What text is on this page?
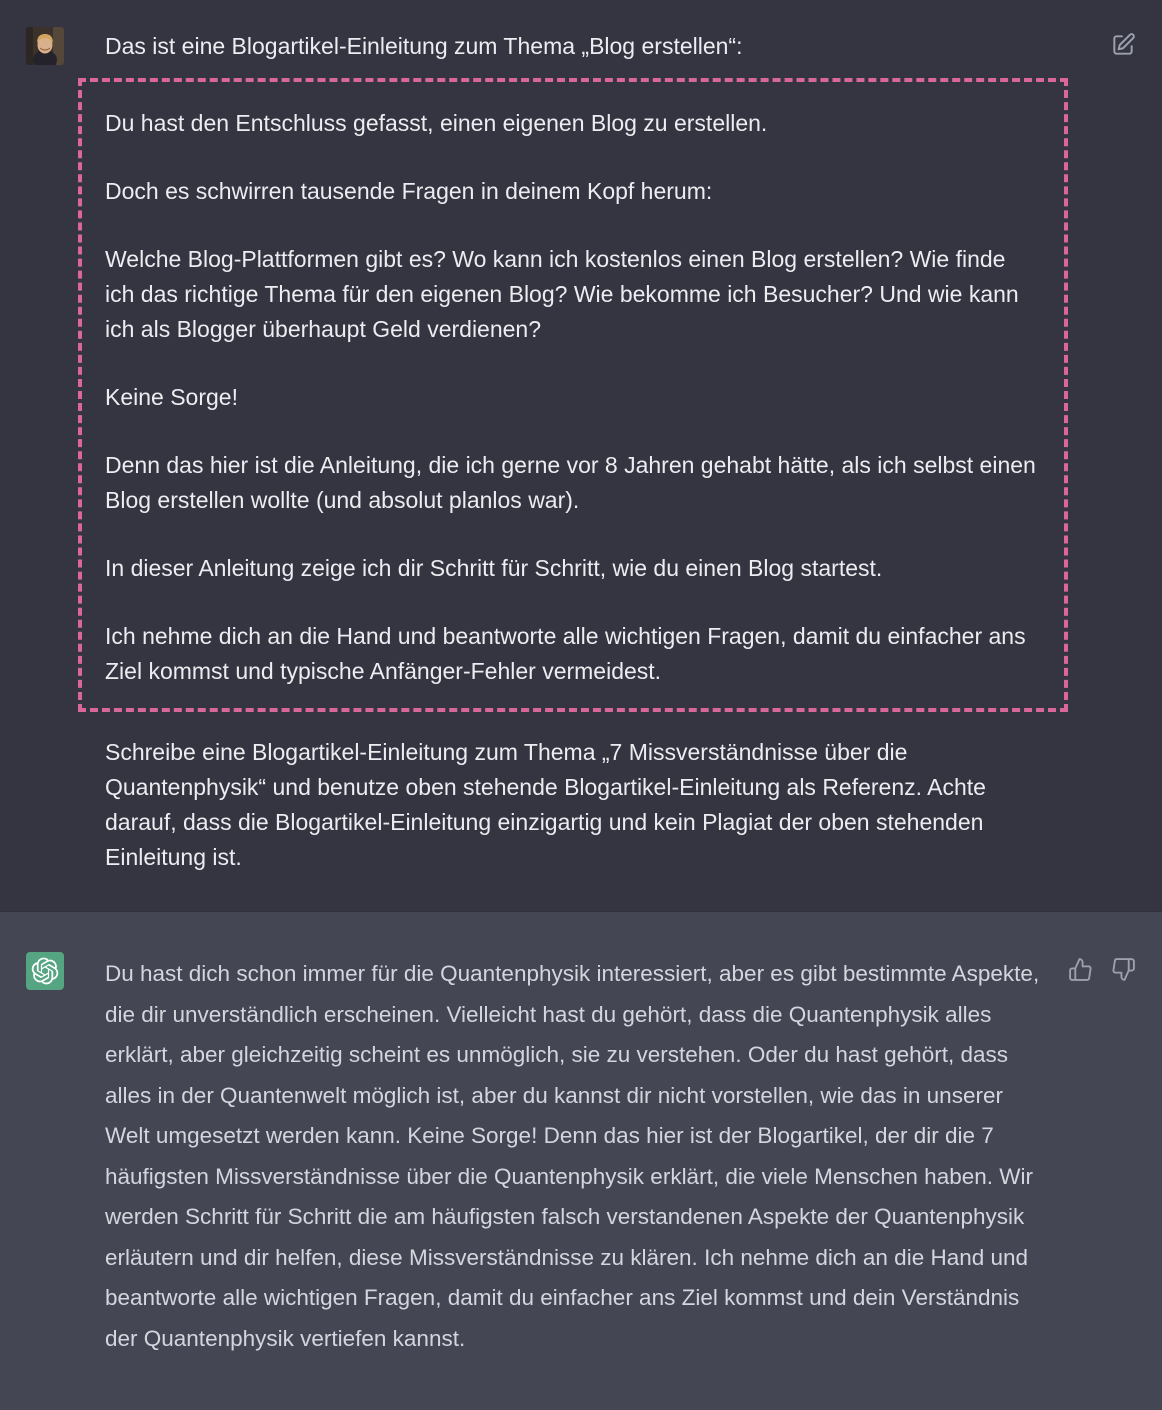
Das ist eine Blogartikel-Einleitung zum Thema „Blog erstellen“:

Du hast den Entschluss gefasst, einen eigenen Blog zu erstellen.

Doch es schwirren tausende Fragen in deinem Kopf herum:

Welche Blog-Plattformen gibt es? Wo kann ich kostenlos einen Blog erstellen? Wie finde ich das richtige Thema für den eigenen Blog? Wie bekomme ich Besucher? Und wie kann ich als Blogger überhaupt Geld verdienen?

Keine Sorge!

Denn das hier ist die Anleitung, die ich gerne vor 8 Jahren gehabt hätte, als ich selbst einen Blog erstellen wollte (und absolut planlos war).

In dieser Anleitung zeige ich dir Schritt für Schritt, wie du einen Blog startest.

Ich nehme dich an die Hand und beantworte alle wichtigen Fragen, damit du einfacher ans Ziel kommst und typische Anfänger-Fehler vermeidest.

Schreibe eine Blogartikel-Einleitung zum Thema „7 Missverständnisse über die Quantenphysik“ und benutze oben stehende Blogartikel-Einleitung als Referenz. Achte darauf, dass die Blogartikel-Einleitung einzigartig und kein Plagiat der oben stehenden Einleitung ist.

Du hast dich schon immer für die Quantenphysik interessiert, aber es gibt bestimmte Aspekte, die dir unverständlich erscheinen. Vielleicht hast du gehört, dass die Quantenphysik alles erklärt, aber gleichzeitig scheint es unmöglich, sie zu verstehen. Oder du hast gehört, dass alles in der Quantenwelt möglich ist, aber du kannst dir nicht vorstellen, wie das in unserer Welt umgesetzt werden kann. Keine Sorge! Denn das hier ist der Blogartikel, der dir die 7 häufigsten Missverständnisse über die Quantenphysik erklärt, die viele Menschen haben. Wir werden Schritt für Schritt die am häufigsten falsch verstandenen Aspekte der Quantenphysik erläutern und dir helfen, diese Missverständnisse zu klären. Ich nehme dich an die Hand und beantworte alle wichtigen Fragen, damit du einfacher ans Ziel kommst und dein Verständnis der Quantenphysik vertiefen kannst.
